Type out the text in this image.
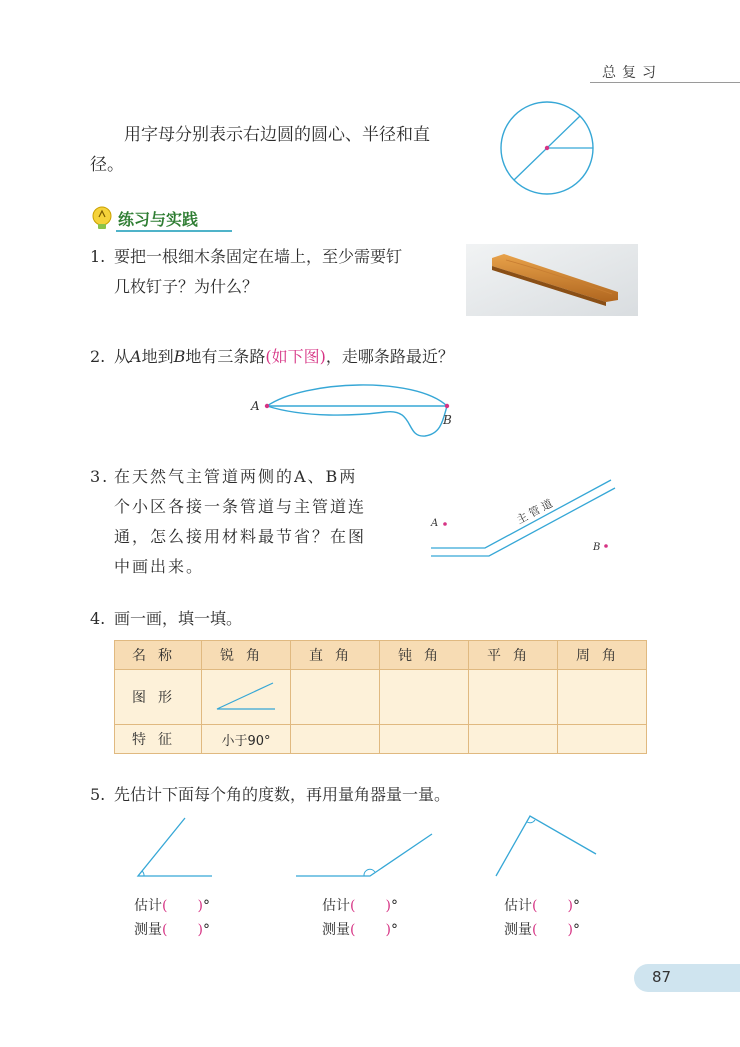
总复习
用字母分别表示右边圆的圆心、半径和直径。
练习与实践
1. 要把一根细木条固定在墙上，至少需要钉
几枚钉子？为什么？
2. 从A地到B地有三条路(如下图)，走哪条路最近？
A
B
3. 在天然气主管道两侧的A、B两
个小区各接一条管道与主管道连
通，怎么接用材料最节省？在图
中画出来。
主管道
A
B
4. 画一画，填一填。
名称	锐角	直角	钝角	平角	周角
图形					
特征	小于90°				
5. 先估计下面每个角的度数，再用量角器量一量。
估计( )°
测量( )°
估计( )°
测量( )°
估计( )°
测量( )°
87
